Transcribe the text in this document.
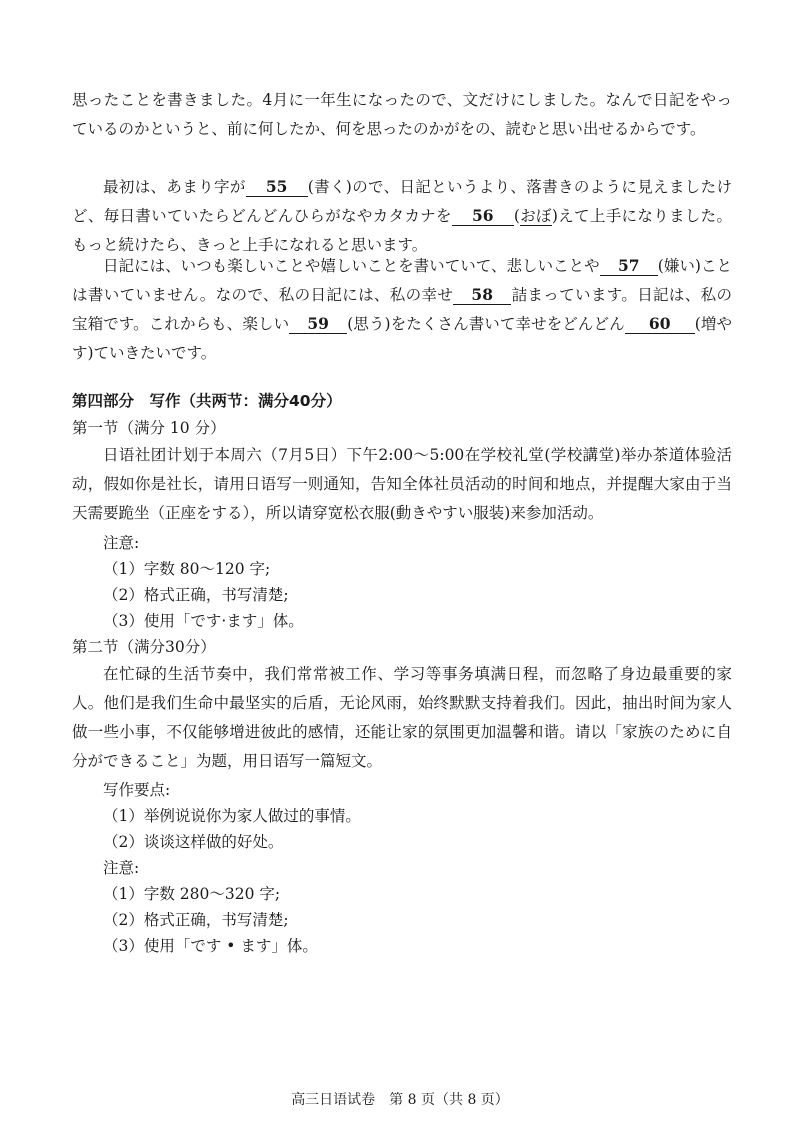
思ったことを書きました。4月に一年生になったので、文だけにしました。なんで日記をやっているのかというと、前に何したか、何を思ったのかがをの、読むと思い出せるからです。

最初は、あまり字が 55 (書く)ので、日記というより、落書きのように見えましたけど、毎日書いていたらどんどんひらがなやカタカナを 56 (おぼ)えて上手になりました。もっと続けたら、きっと上手になれると思います。

日記には、いつも楽しいことや嬉しいことを書いていて、悲しいことや 57 (嫌い)ことは書いていません。なので、私の日記には、私の幸せ 58 詰まっています。日記は、私の宝箱です。これからも、楽しい 59 (思う)をたくさん書いて幸せをどんどん 60 (増やす)ていきたいです。

第四部分　写作（共两节：满分40分）
第一节（满分 10 分）

日语社团计划于本周六（7月5日）下午2:00～5:00在学校礼堂(学校講堂)举办茶道体验活动，假如你是社长，请用日语写一则通知，告知全体社员活动的时间和地点，并提醒大家由于当天需要跪坐（正座をする），所以请穿宽松衣服(動きやすい服装)来参加活动。

注意:
（1）字数 80～120 字;
（2）格式正确，书写清楚;
（3）使用「です·ます」体。
第二节（满分30分）

在忙碌的生活节奏中，我们常常被工作、学习等事务填满日程，而忽略了身边最重要的家人。他们是我们生命中最坚实的后盾，无论风雨，始终默默支持着我们。因此，抽出时间为家人做一些小事，不仅能够增进彼此的感情，还能让家的氛围更加温馨和谐。请以「家族のために自分ができること」为题，用日语写一篇短文。

写作要点:
（1）举例说说你为家人做过的事情。
（2）谈谈这样做的好处。
注意:
（1）字数 280～320 字;
（2）格式正确，书写清楚;
（3）使用「です • ます」体。
高三日语试卷　第 8 页（共 8 页）
